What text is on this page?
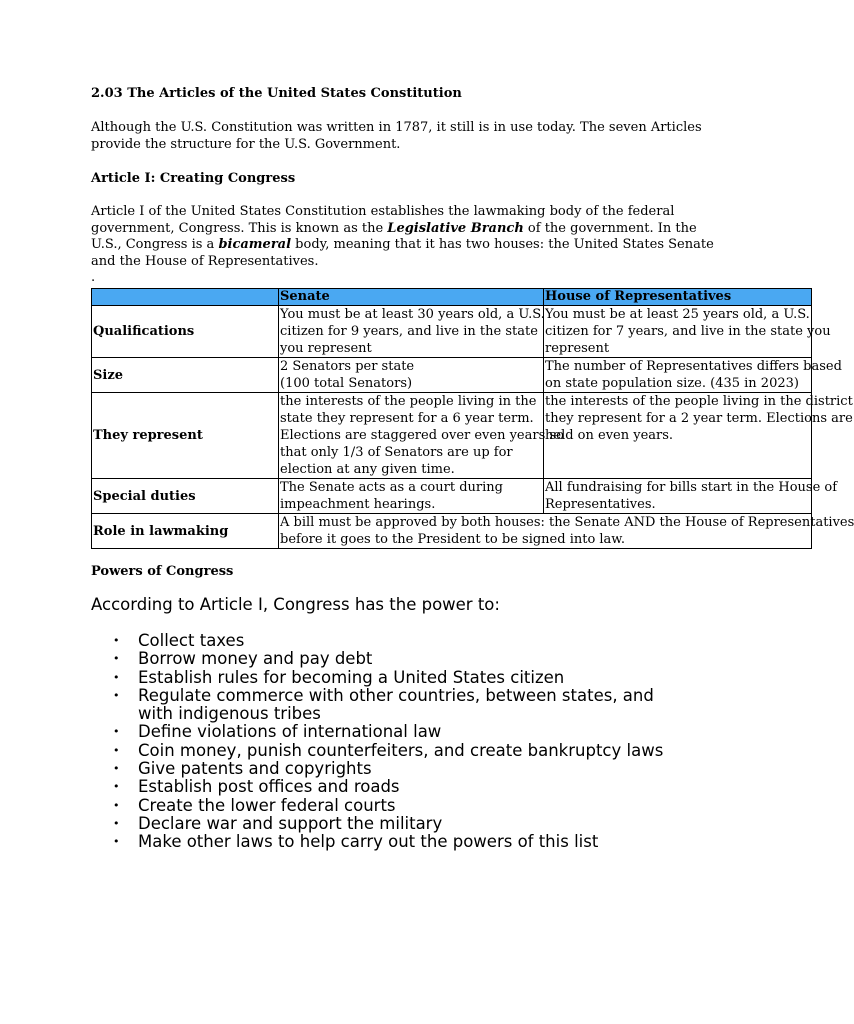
2.03 The Articles of the United States Constitution
Although the U.S. Constitution was written in 1787, it still is in use today. The seven Articles
provide the structure for the U.S. Government.
Article I: Creating Congress
Article I of the United States Constitution establishes the lawmaking body of the federal
government, Congress. This is known as the Legislative Branch of the government. In the
U.S., Congress is a bicameral body, meaning that it has two houses: the United States Senate
and the House of Representatives.
.
	Senate	House of Representatives
Qualifications	You must be at least 30 years old, a U.S.
citizen for 9 years, and live in the state
you represent	You must be at least 25 years old, a U.S.
citizen for 7 years, and live in the state you
represent

Size	2 Senators per state
(100 total Senators)	The number of Representatives differs based
on state population size. (435 in 2023)

They represent	the interests of the people living in the
state they represent for a 6 year term.
Elections are staggered over even years so
that only 1/3 of Senators are up for
election at any given time.	the interests of the people living in the district
they represent for a 2 year term. Elections are
held on even years.

Special duties	The Senate acts as a court during
impeachment hearings.	All fundraising for bills start in the House of
Representatives.

Role in lawmaking	A bill must be approved by both houses: the Senate AND the House of Representatives
before it goes to the President to be signed into law.	
Powers of Congress
According to Article I, Congress has the power to:
• Collect taxes
• Borrow money and pay debt
• Establish rules for becoming a United States citizen
• Regulate commerce with other countries, between states, and
with indigenous tribes
• Define violations of international law
• Coin money, punish counterfeiters, and create bankruptcy laws
• Give patents and copyrights
• Establish post offices and roads
• Create the lower federal courts
• Declare war and support the military
• Make other laws to help carry out the powers of this list
